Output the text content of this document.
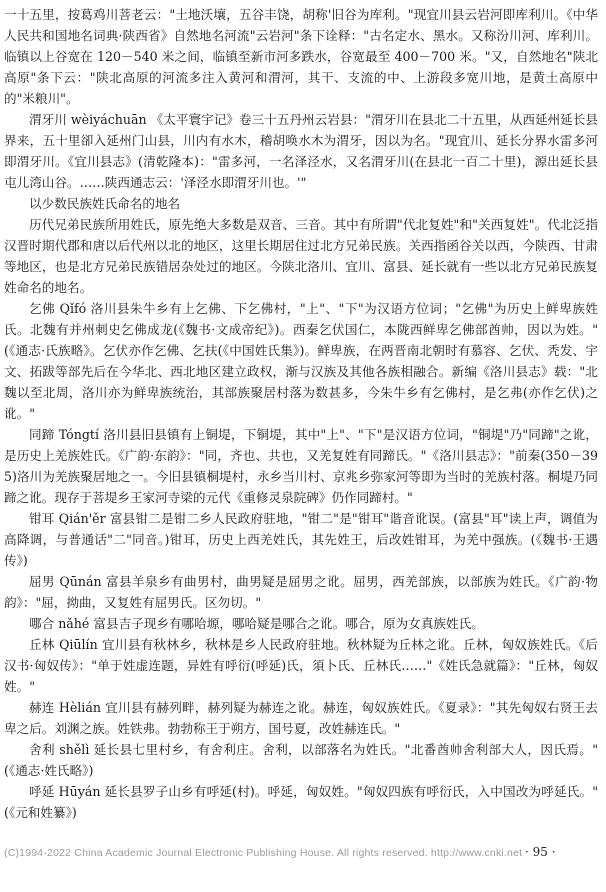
一十五里，按葛鸡川菩老云："土地沃壤，五谷丰饶，胡称'旧谷为库利。"现宜川县云岩河即库利川。《中华人民共和国地名词典·陕西省》自然地名河流"云岩河"条下诠释："古名定水、黑水。又称汾川河、库利川。临镇以上谷宽在 120－540 米之间，临镇至新市河多跌水，谷宽最至 400－700 米。"又，自然地名"陕北高原"条下云："陕北高原的河流多注入黄河和渭河，其干、支流的中、上游段多宽川地，是黄土高原中的"米粮川"。

渭牙川 wèiyáchuān 《太平寰宇记》卷三十五丹州云岩县："渭牙川在县北二十五里，从西延州延长县界来，五十里卻入延州门山县，川内有水木，稽胡唤水木为渭牙，因以为名。"现宜川、延长分界水雷多河即渭牙川。《宜川县志》(清乾隆本)："雷多河，一名泽泾水，又名渭牙川(在县北一百二十里)，源出延长县屯儿湾山谷。……陕西通志云：'泽泾水即渭牙川也。'"

以少数民族姓氏命名的地名

历代兄弟民族所用姓氏，原先绝大多数是双音、三音。其中有所谓"代北复姓"和"关西复姓"。代北泛指汉晋时期代郡和唐以后代州以北的地区，这里长期居住过北方兄弟民族。关西指函谷关以西，今陕西、甘肃等地区，也是北方兄弟民族错居杂处过的地区。今陕北洛川、宜川、富县、延长就有一些以北方兄弟民族复姓命名的地名。

乞佛 Qǐfó 洛川县朱牛乡有上乞佛、下乞佛村，"上"、"下"为汉语方位词；"乞佛"为历史上鲜卑族姓氏。北魏有并州刺史乞佛成龙(《魏书·文成帝纪》)。西秦乞伏国仁，本陇西鲜卑乞佛部酋帅，因以为姓。"(《通志·氏族略》。乞伏亦作乞佛、乞扶(《中国姓氏集》)。鲜卑族，在两晋南北朝时有慕容、乞伏、秃发、宇文、拓跋等部先后在今华北、西北地区建立政权，渐与汉族及其他各族相融合。新编《洛川县志》载："北魏以至北周，洛川亦为鲜卑族统治，其部族聚居村落为数甚多，今朱牛乡有乞佛村，是乞弗(亦作乞伏)之讹。"

同蹄 Tóngtí 洛川县旧县镇有上铜堤，下铜堤，其中"上"、"下"是汉语方位词，"铜堤"乃"同蹄"之讹，是历史上羌族姓氏。《广韵·东韵》："同，齐也、共也，又羌复姓有同蹄氏。"《洛川县志》："前秦(350－395)洛川为羌族聚居地之一。今旧县镇桐堤村，永乡当川村、京兆乡弥家河等即为当时的羌族村落。桐堤乃同蹄之讹。现存于菩堤乡王家河寺梁的元代《重修灵泉院碑》仍作同蹄村。"

钳耳 Qián'ěr 富县钳二是钳二乡人民政府驻地，"钳二"是"钳耳"谐音讹误。(富县"耳"读上声，调值为高降调，与普通话"二"同音。)钳耳，历史上西羌姓氏，其先姓王，后改姓钳耳，为羌中强族。(《魏书·王遇传》)

屈男 Qūnán 富县羊泉乡有曲男村，曲男疑是屈男之讹。屈男，西羌部族，以部族为姓氏。《广韵·物韵》："屈，拗曲，又复姓有屈男氏。区勿切。"

哪合 nǎhé 富县吉子现乡有哪哈塬，哪哈疑是哪合之讹。哪合，原为女真族姓氏。

丘林 Qiūlín 宜川县有秋林乡，秋林是乡人民政府驻地。秋林疑为丘林之讹。丘林，匈奴族姓氏。《后汉书·匈奴传》："单于姓虚连题，异姓有呼衍(呼延)氏，須卜氏、丘林氏……"《姓氏急就篇》："丘林，匈奴姓。"

赫连 Hèlián 宜川县有赫列畔，赫列疑为赫连之讹。赫连，匈奴族姓氏。《夏录》："其先匈奴右贤王去卑之后。刘渊之族。姓铁弗。勃勃称王于朔方，国号夏，改姓赫连氏。"

舍利 shělì 延长县七里村乡，有舍利庄。舍利，以部落名为姓氏。"北番酋帅舍利部大人，因氏焉。"(《通志·姓氏略》)

呼延 Hūyán 延长县罗子山乡有呼延(村)。呼延，匈奴姓。"匈奴四族有呼衍氏，入中国改为呼延氏。"(《元和姓纂》)

(C)1994-2022 China Academic Journal Electronic Publishing House. All rights reserved. http://www.cnki.net · 95 ·
